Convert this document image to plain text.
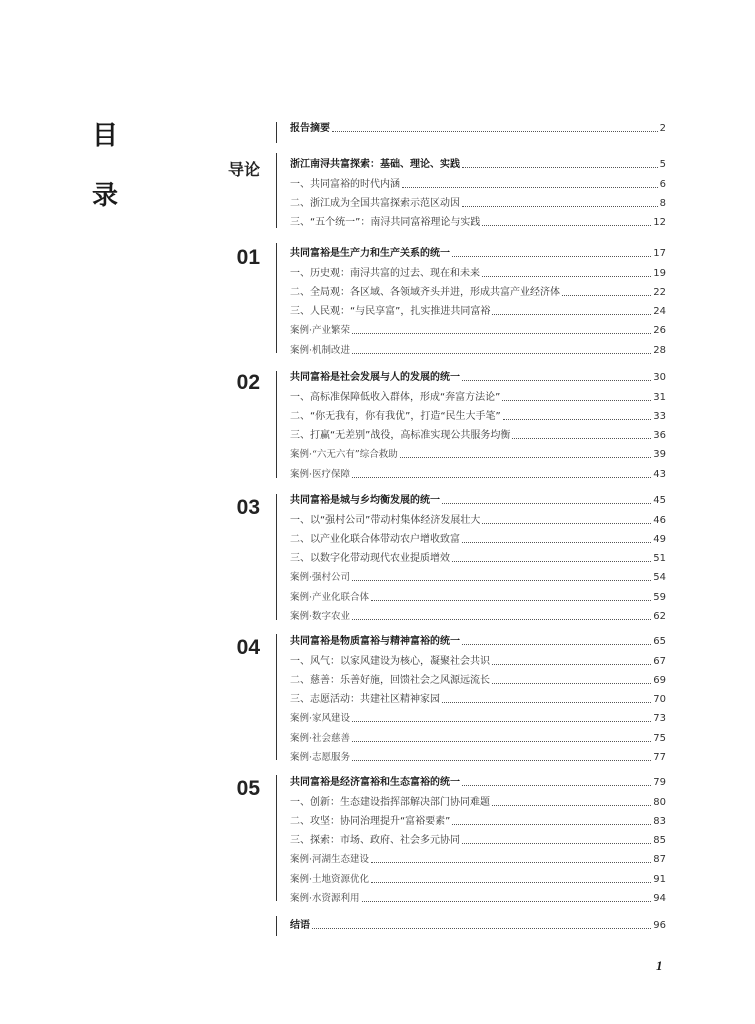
目
录
导论
01
02
03
04
05
报告摘要	2
浙江南浔共富探索：基础、理论、实践	5
一、共同富裕的时代内涵	6
二、浙江成为全国共富探索示范区动因	8
三、“五个统一”：南浔共同富裕理论与实践	12
共同富裕是生产力和生产关系的统一	17
一、历史观：南浔共富的过去、现在和未来	19
二、全局观：各区域、各领域齐头并进，形成共富产业经济体	22
三、人民观：“与民享富”，扎实推进共同富裕	24
案例·产业繁荣	26
案例·机制改进	28
共同富裕是社会发展与人的发展的统一	30
一、高标准保障低收入群体，形成“奔富方法论”	31
二、“你无我有，你有我优”，打造“民生大手笔”	33
三、打赢“无差别”战役，高标准实现公共服务均衡	36
案例·“六无六有”综合救助	39
案例·医疗保障	43
共同富裕是城与乡均衡发展的统一	45
一、以“强村公司”带动村集体经济发展壮大	46
二、以产业化联合体带动农户增收致富	49
三、以数字化带动现代农业提质增效	51
案例·强村公司	54
案例·产业化联合体	59
案例·数字农业	62
共同富裕是物质富裕与精神富裕的统一	65
一、风气：以家风建设为核心，凝聚社会共识	67
二、慈善：乐善好施，回馈社会之风源远流长	69
三、志愿活动：共建社区精神家园	70
案例·家风建设	73
案例·社会慈善	75
案例·志愿服务	77
共同富裕是经济富裕和生态富裕的统一	79
一、创新：生态建设指挥部解决部门协同难题	80
二、攻坚：协同治理提升“富裕要素”	83
三、探索：市场、政府、社会多元协同	85
案例·河湖生态建设	87
案例·土地资源优化	91
案例·水资源利用	94
结语	96
1
